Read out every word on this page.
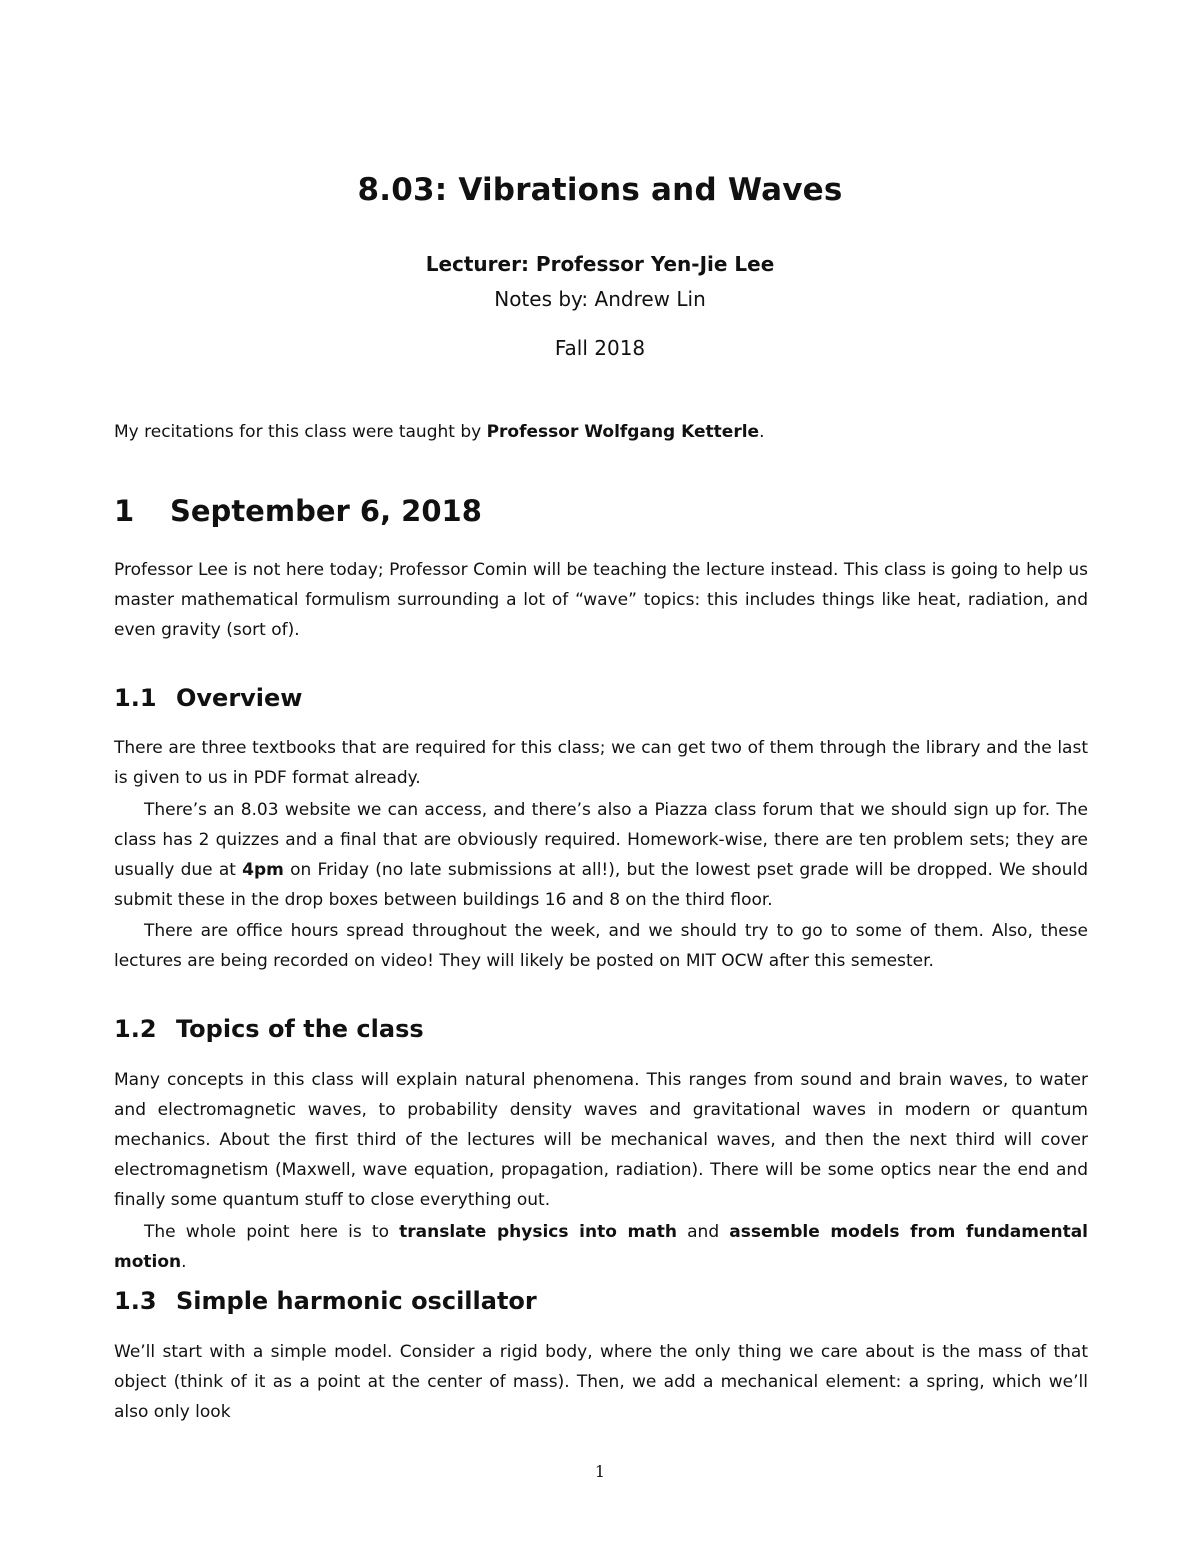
8.03: Vibrations and Waves
Lecturer: Professor Yen-Jie Lee
Notes by: Andrew Lin
Fall 2018
My recitations for this class were taught by Professor Wolfgang Ketterle.
1 September 6, 2018
Professor Lee is not here today; Professor Comin will be teaching the lecture instead. This class is going to help us master mathematical formulism surrounding a lot of “wave” topics: this includes things like heat, radiation, and even gravity (sort of).
1.1 Overview
There are three textbooks that are required for this class; we can get two of them through the library and the last is given to us in PDF format already.
There’s an 8.03 website we can access, and there’s also a Piazza class forum that we should sign up for. The class has 2 quizzes and a final that are obviously required. Homework-wise, there are ten problem sets; they are usually due at 4pm on Friday (no late submissions at all!), but the lowest pset grade will be dropped. We should submit these in the drop boxes between buildings 16 and 8 on the third floor.
There are office hours spread throughout the week, and we should try to go to some of them. Also, these lectures are being recorded on video! They will likely be posted on MIT OCW after this semester.
1.2 Topics of the class
Many concepts in this class will explain natural phenomena. This ranges from sound and brain waves, to water and electromagnetic waves, to probability density waves and gravitational waves in modern or quantum mechanics. About the first third of the lectures will be mechanical waves, and then the next third will cover electromagnetism (Maxwell, wave equation, propagation, radiation). There will be some optics near the end and finally some quantum stuff to close everything out.
The whole point here is to translate physics into math and assemble models from fundamental motion.
1.3 Simple harmonic oscillator
We’ll start with a simple model. Consider a rigid body, where the only thing we care about is the mass of that object (think of it as a point at the center of mass). Then, we add a mechanical element: a spring, which we’ll also only look
1
